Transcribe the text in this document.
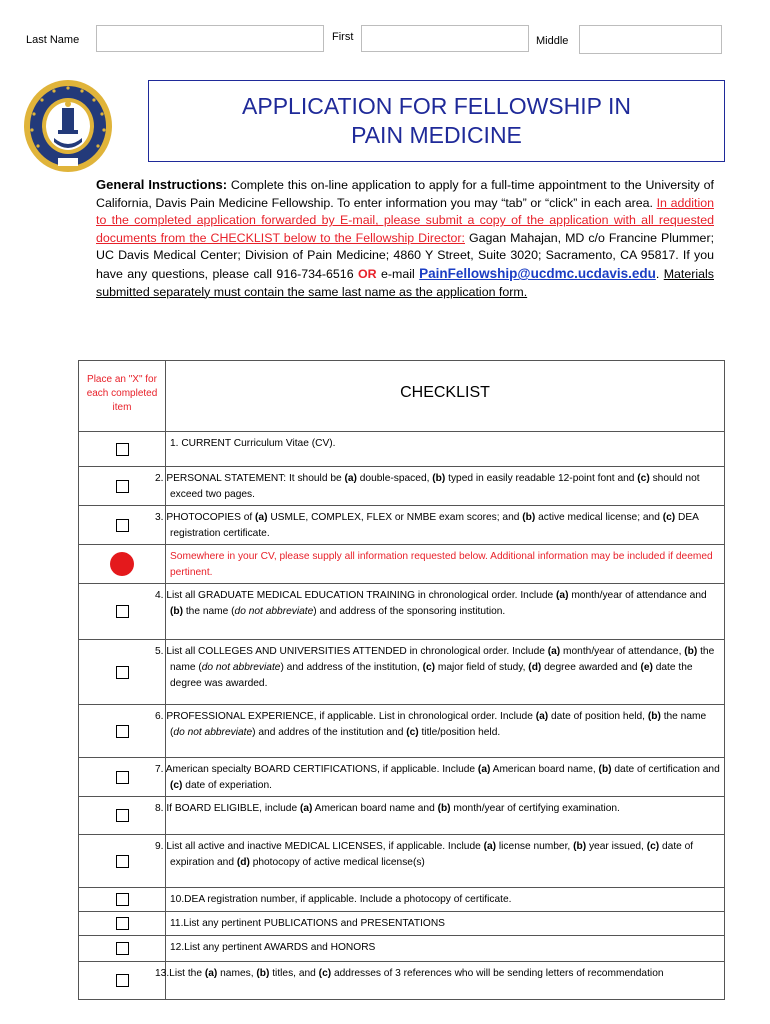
Last Name	First	Middle
APPLICATION FOR FELLOWSHIP IN
PAIN MEDICINE
General Instructions: Complete this on-line application to apply for a full-time appointment to the University of California, Davis Pain Medicine Fellowship. To enter information you may “tab” or “click” in each area. In addition to the completed application forwarded by E-mail, please submit a copy of the application with all requested documents from the CHECKLIST below to the Fellowship Director: Gagan Mahajan, MD c/o Francine Plummer; UC Davis Medical Center; Division of Pain Medicine; 4860 Y Street, Suite 3020; Sacramento, CA 95817. If you have any questions, please call 916-734-6516 OR e-mail PainFellowship@ucdmc.ucdavis.edu. Materials submitted separately must contain the same last name as the application form.
Place an "X" for each completed item	CHECKLIST
	1. CURRENT Curriculum Vitae (CV).
	2. PERSONAL STATEMENT: It should be (a) double-spaced, (b) typed in easily readable 12-point font and (c) should not exceed two pages.
	3. PHOTOCOPIES of (a) USMLE, COMPLEX, FLEX or NMBE exam scores; and (b) active medical license; and (c) DEA registration certificate.
	Somewhere in your CV, please supply all information requested below. Additional information may be included if deemed pertinent.
	4. List all GRADUATE MEDICAL EDUCATION TRAINING in chronological order. Include (a) month/year of attendance and (b) the name (do not abbreviate) and address of the sponsoring institution.
	5. List all COLLEGES AND UNIVERSITIES ATTENDED in chronological order. Include (a) month/year of attendance, (b) the name (do not abbreviate) and address of the institution, (c) major field of study, (d) degree awarded and (e) date the degree was awarded.
	6. PROFESSIONAL EXPERIENCE, if applicable. List in chronological order. Include (a) date of position held, (b) the name (do not abbreviate) and addres of the institution and (c) title/position held.
	7. American specialty BOARD CERTIFICATIONS, if applicable. Include (a) American board name, (b) date of certification and (c) date of experiation.
	8. If BOARD ELIGIBLE, include (a) American board name and (b) month/year of certifying examination.
	9. List all active and inactive MEDICAL LICENSES, if applicable. Include (a) license number, (b) year issued, (c) date of expiration and (d) photocopy of active medical license(s)
	10.DEA registration number, if applicable. Include a photocopy of certificate.
	11.List any pertinent PUBLICATIONS and PRESENTATIONS
	12.List any pertinent AWARDS and HONORS
	13.List the (a) names, (b) titles, and (c) addresses of 3 references who will be sending letters of recommendation
